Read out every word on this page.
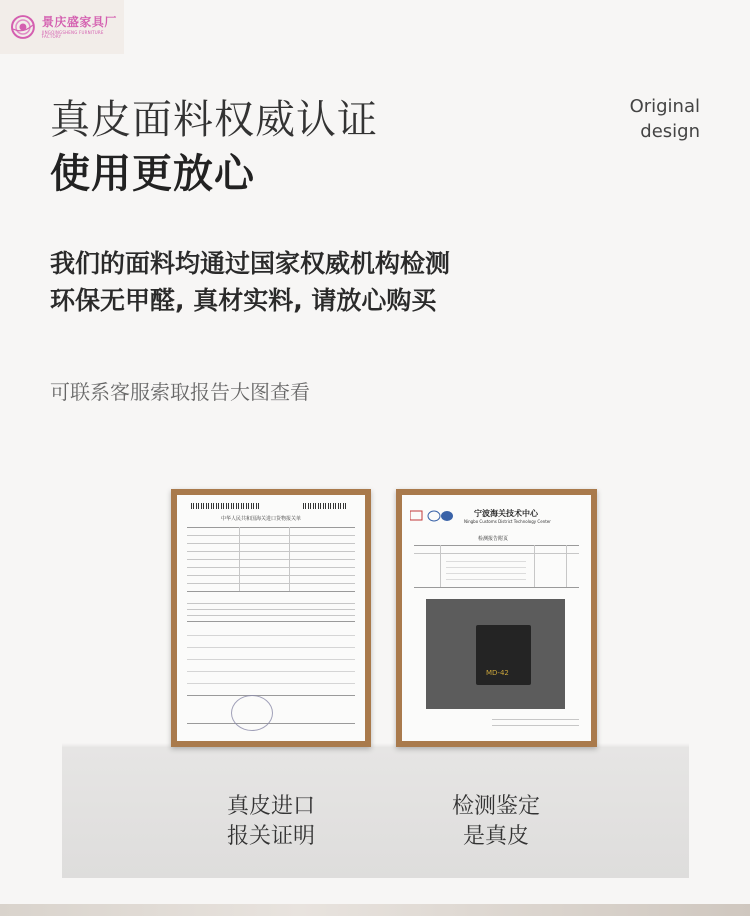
景庆盛家具厂
JINGQINGSHENG FURNITURE FACTORY
真皮面料权威认证
使用更放心
Original
design
我们的面料均通过国家权威机构检测
环保无甲醛, 真材实料, 请放心购买
可联系客服索取报告大图查看
中华人民共和国海关进口货物报关单
宁波海关技术中心
Ningbo Customs District Technology Center
检测报告附页
MD-42
真皮进口
报关证明
检测鉴定
是真皮
